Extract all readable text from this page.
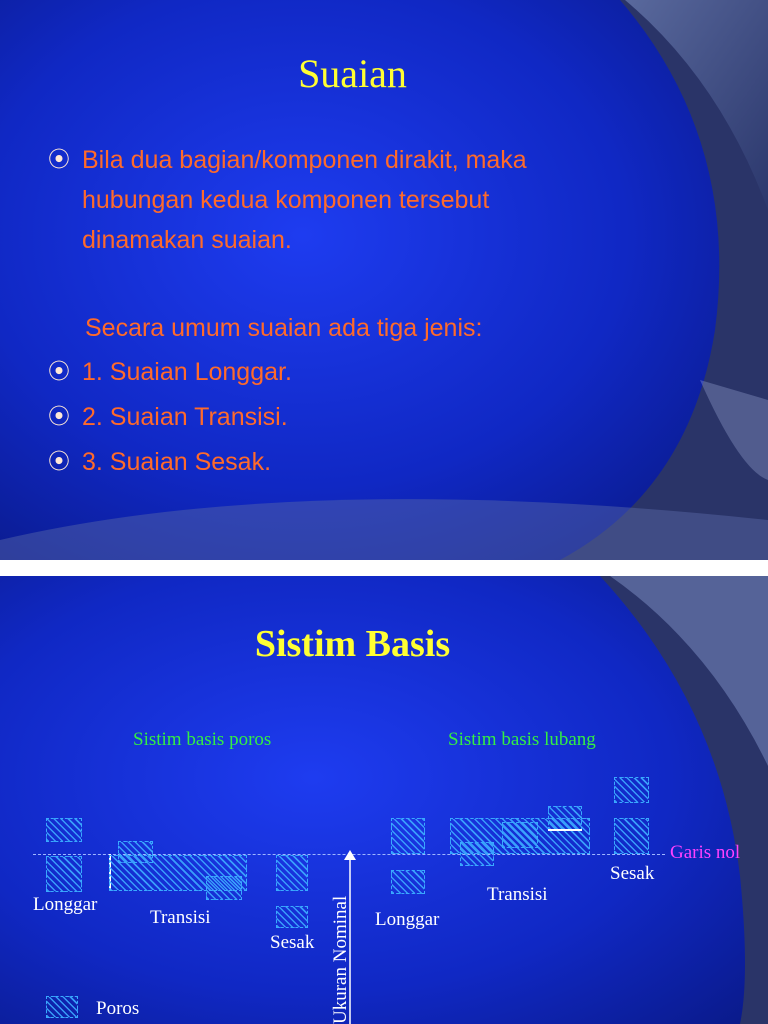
Suaian
⦿ Bila dua bagian/komponen dirakit, maka
hubungan kedua komponen tersebut
dinamakan suaian.
Secara umum suaian ada tiga jenis:
⦿ 1. Suaian Longgar.
⦿ 2. Suaian Transisi.
⦿ 3. Suaian Sesak.
Sistim Basis
Sistim basis poros	Sistim basis lubang
Garis nol
Longgar
Transisi
Sesak Ukuran Nominal Longgar
Transisi
Sesak
Poros
